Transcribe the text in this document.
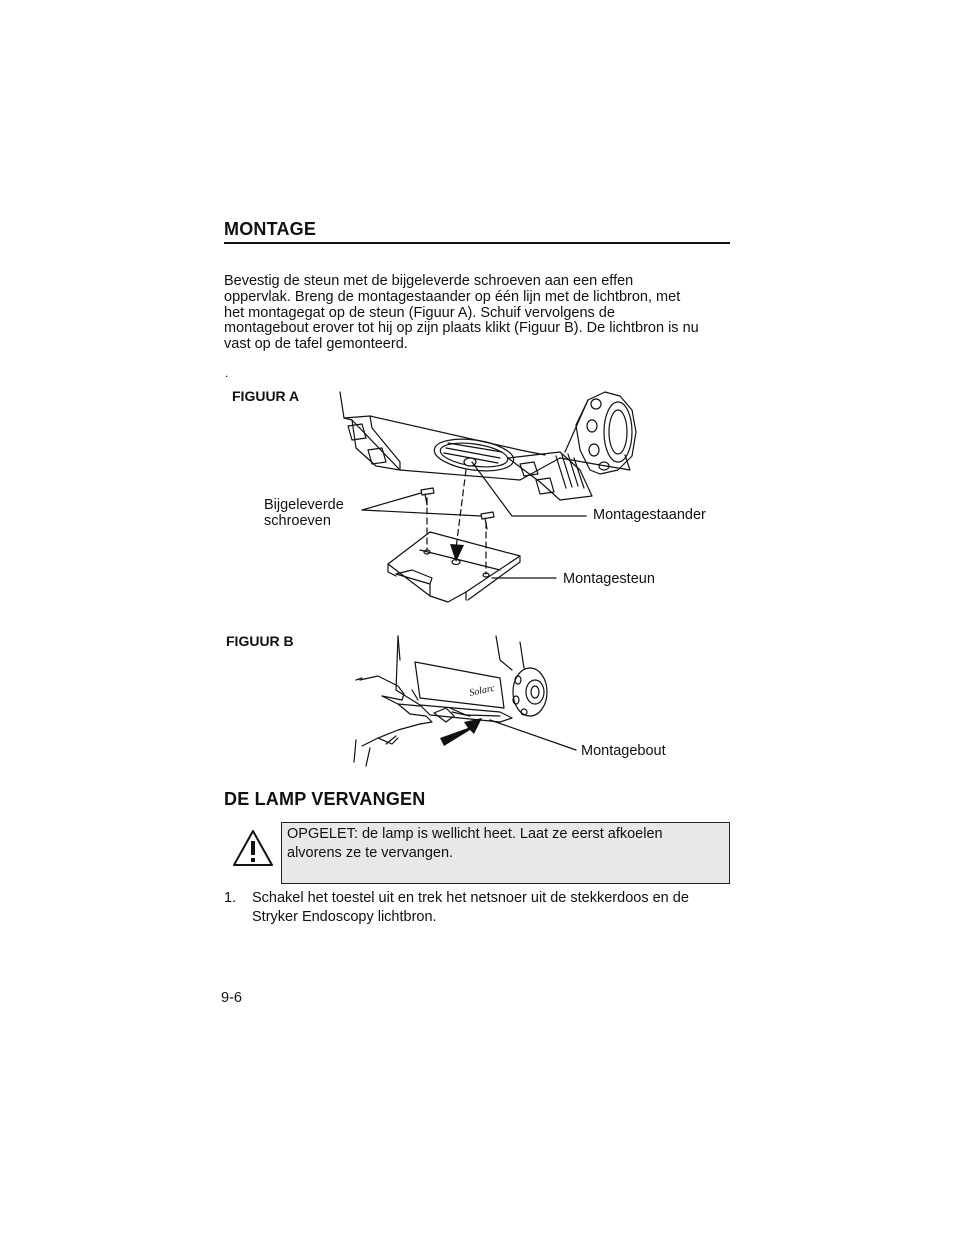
MONTAGE
Bevestig de steun met de bijgeleverde schroeven aan een effen
oppervlak. Breng de montagestaander op één lijn met de lichtbron, met
het montagegat op de steun (Figuur A). Schuif vervolgens de
montagebout erover tot hij op zijn plaats klikt (Figuur B). De lichtbron is nu
vast op de tafel gemonteerd.
.
FIGUUR A
Bijgeleverde
schroeven	Montagestaander
Montagesteun
FIGUUR B
Solarc
Montagebout
DE LAMP VERVANGEN
OPGELET: de lamp is wellicht heet. Laat ze eerst afkoelen
alvorens ze te vervangen.
1. Schakel het toestel uit en trek het netsnoer uit de stekkerdoos en de
Stryker Endoscopy lichtbron.
9-6
